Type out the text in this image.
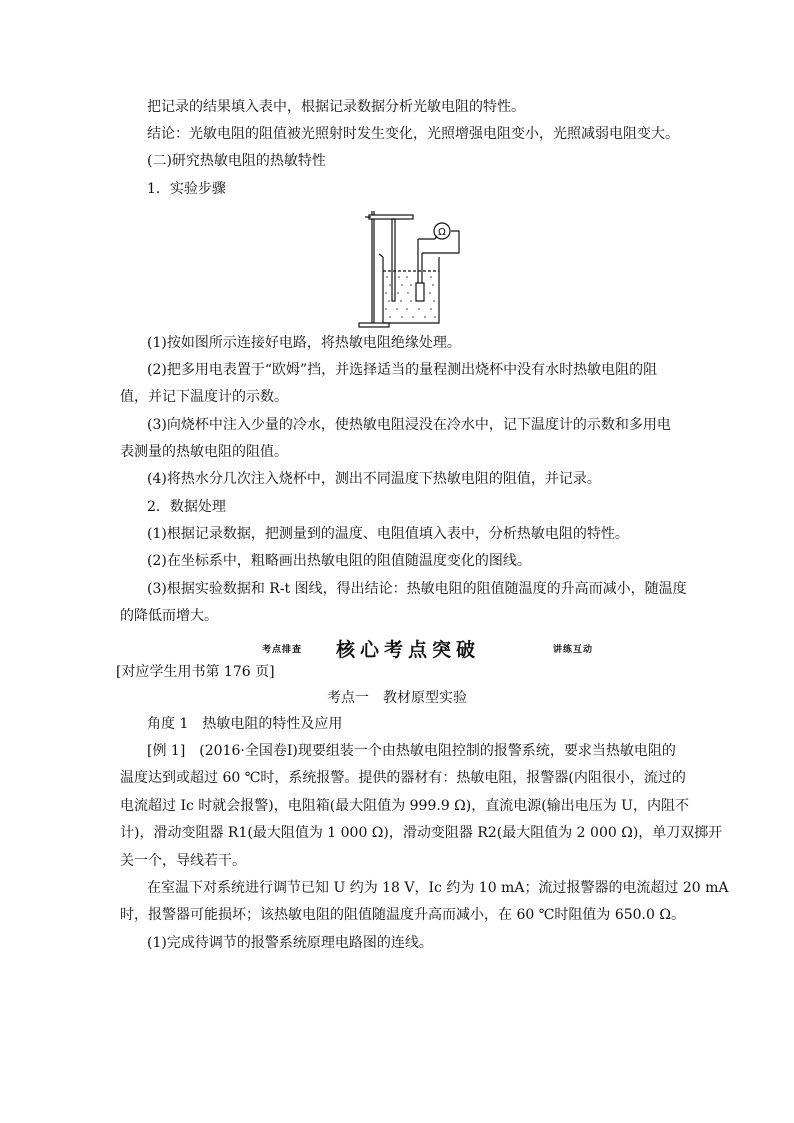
把记录的结果填入表中，根据记录数据分析光敏电阻的特性。
结论：光敏电阻的阻值被光照射时发生变化，光照增强电阻变小，光照减弱电阻变大。
(二)研究热敏电阻的热敏特性
1．实验步骤
Ω
(1)按如图所示连接好电路，将热敏电阻绝缘处理。
(2)把多用电表置于“欧姆”挡，并选择适当的量程测出烧杯中没有水时热敏电阻的阻
值，并记下温度计的示数。
(3)向烧杯中注入少量的冷水，使热敏电阻浸没在冷水中，记下温度计的示数和多用电
表测量的热敏电阻的阻值。
(4)将热水分几次注入烧杯中，测出不同温度下热敏电阻的阻值，并记录。
2．数据处理
(1)根据记录数据，把测量到的温度、电阻值填入表中，分析热敏电阻的特性。
(2)在坐标系中，粗略画出热敏电阻的阻值随温度变化的图线。
(3)根据实验数据和 R-t 图线，得出结论：热敏电阻的阻值随温度的升高而减小，随温度
的降低而增大。
考点排查 核心考点突破	讲练互动
[对应学生用书第 176 页]
考点一　教材原型实验
角度 1　热敏电阻的特性及应用
[例 1]　(2016·全国卷Ⅰ)现要组装一个由热敏电阻控制的报警系统，要求当热敏电阻的
温度达到或超过 60 ℃时，系统报警。提供的器材有：热敏电阻，报警器(内阻很小，流过的
电流超过 Ic 时就会报警)，电阻箱(最大阻值为 999.9 Ω)，直流电源(输出电压为 U，内阻不
计)，滑动变阻器 R1(最大阻值为 1 000 Ω)，滑动变阻器 R2(最大阻值为 2 000 Ω)，单刀双掷开
关一个，导线若干。
在室温下对系统进行调节已知 U 约为 18 V，Ic 约为 10 mA；流过报警器的电流超过 20 mA
时，报警器可能损坏；该热敏电阻的阻值随温度升高而减小，在 60 ℃时阻值为 650.0 Ω。
(1)完成待调节的报警系统原理电路图的连线。
